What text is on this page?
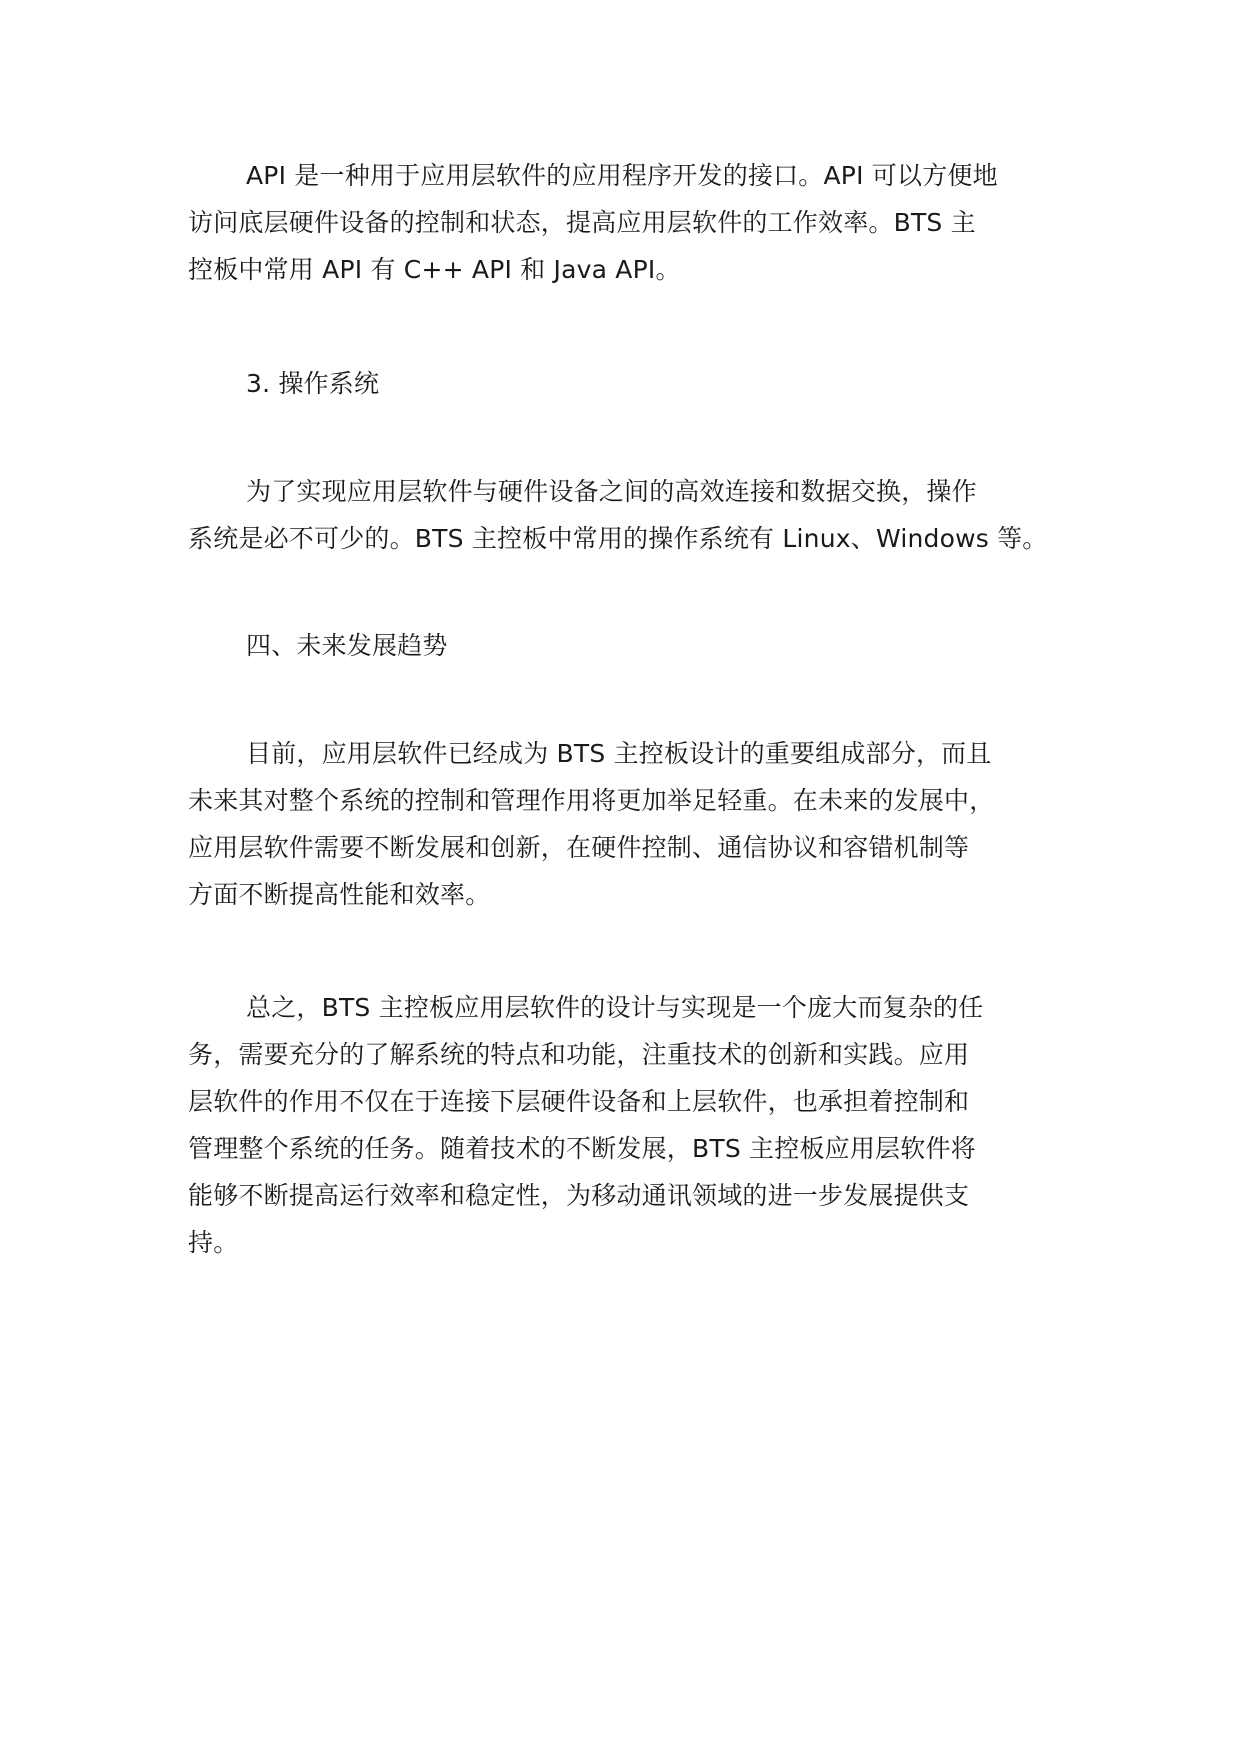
API 是一种用于应用层软件的应用程序开发的接口。API 可以方便地
访问底层硬件设备的控制和状态，提高应用层软件的工作效率。BTS 主
控板中常用 API 有 C++ API 和 Java API。
3. 操作系统
为了实现应用层软件与硬件设备之间的高效连接和数据交换，操作
系统是必不可少的。BTS 主控板中常用的操作系统有 Linux、Windows 等。
四、未来发展趋势
目前，应用层软件已经成为 BTS 主控板设计的重要组成部分，而且
未来其对整个系统的控制和管理作用将更加举足轻重。在未来的发展中，
应用层软件需要不断发展和创新，在硬件控制、通信协议和容错机制等
方面不断提高性能和效率。
总之，BTS 主控板应用层软件的设计与实现是一个庞大而复杂的任
务，需要充分的了解系统的特点和功能，注重技术的创新和实践。应用
层软件的作用不仅在于连接下层硬件设备和上层软件，也承担着控制和
管理整个系统的任务。随着技术的不断发展，BTS 主控板应用层软件将
能够不断提高运行效率和稳定性，为移动通讯领域的进一步发展提供支
持。
